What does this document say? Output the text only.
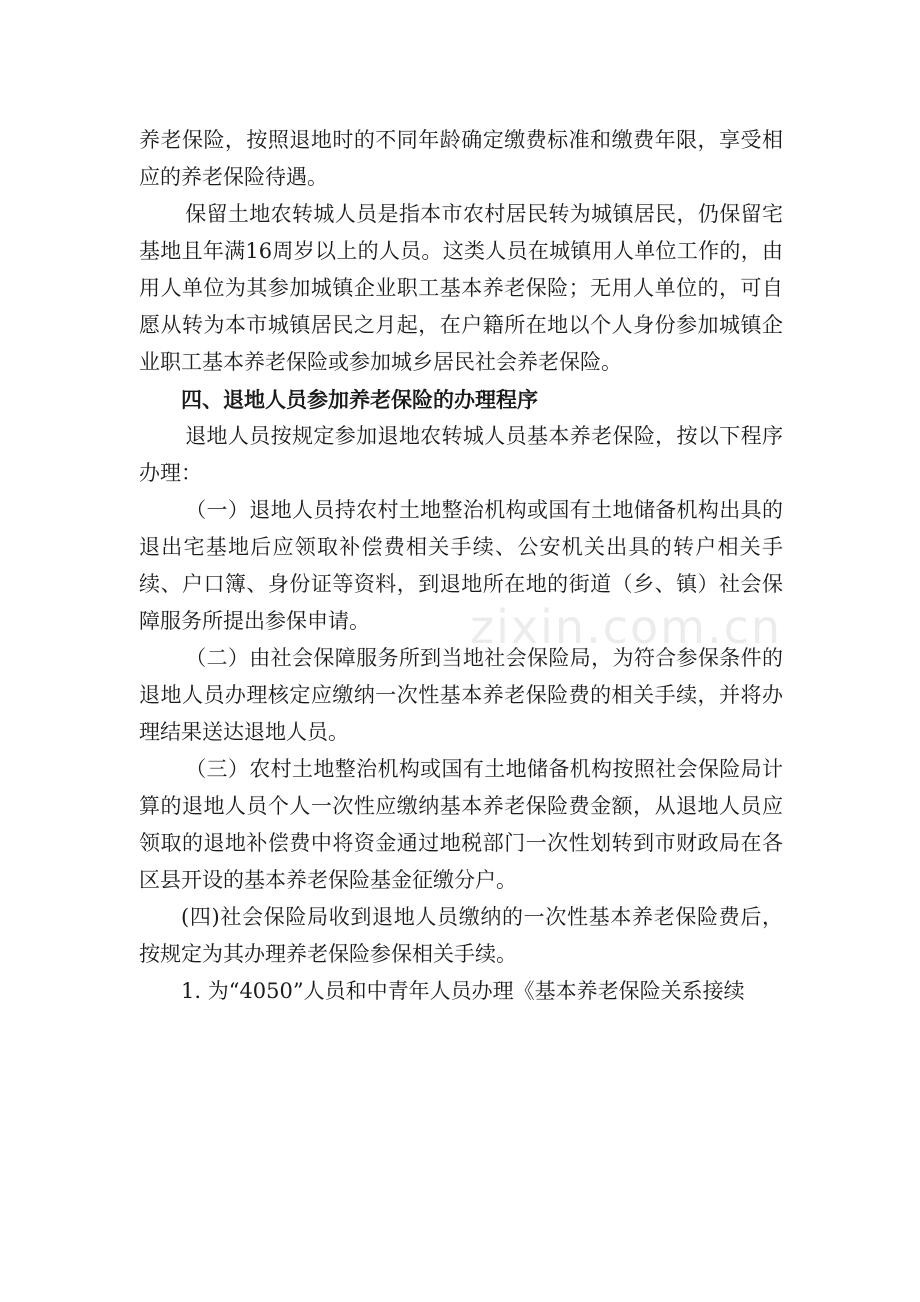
养老保险，按照退地时的不同年龄确定缴费标准和缴费年限，享受相应的养老保险待遇。

保留土地农转城人员是指本市农村居民转为城镇居民，仍保留宅基地且年满16周岁以上的人员。这类人员在城镇用人单位工作的，由用人单位为其参加城镇企业职工基本养老保险；无用人单位的，可自愿从转为本市城镇居民之月起，在户籍所在地以个人身份参加城镇企业职工基本养老保险或参加城乡居民社会养老保险。

四、退地人员参加养老保险的办理程序

退地人员按规定参加退地农转城人员基本养老保险，按以下程序办理：

（一）退地人员持农村土地整治机构或国有土地储备机构出具的退出宅基地后应领取补偿费相关手续、公安机关出具的转户相关手续、户口簿、身份证等资料，到退地所在地的街道（乡、镇）社会保障服务所提出参保申请。

（二）由社会保障服务所到当地社会保险局，为符合参保条件的退地人员办理核定应缴纳一次性基本养老保险费的相关手续，并将办理结果送达退地人员。

（三）农村土地整治机构或国有土地储备机构按照社会保险局计算的退地人员个人一次性应缴纳基本养老保险费金额，从退地人员应领取的退地补偿费中将资金通过地税部门一次性划转到市财政局在各区县开设的基本养老保险基金征缴分户。

(四)社会保险局收到退地人员缴纳的一次性基本养老保险费后，按规定为其办理养老保险参保相关手续。

1. 为“4050”人员和中青年人员办理《基本养老保险关系接续

zixin.com.cn
